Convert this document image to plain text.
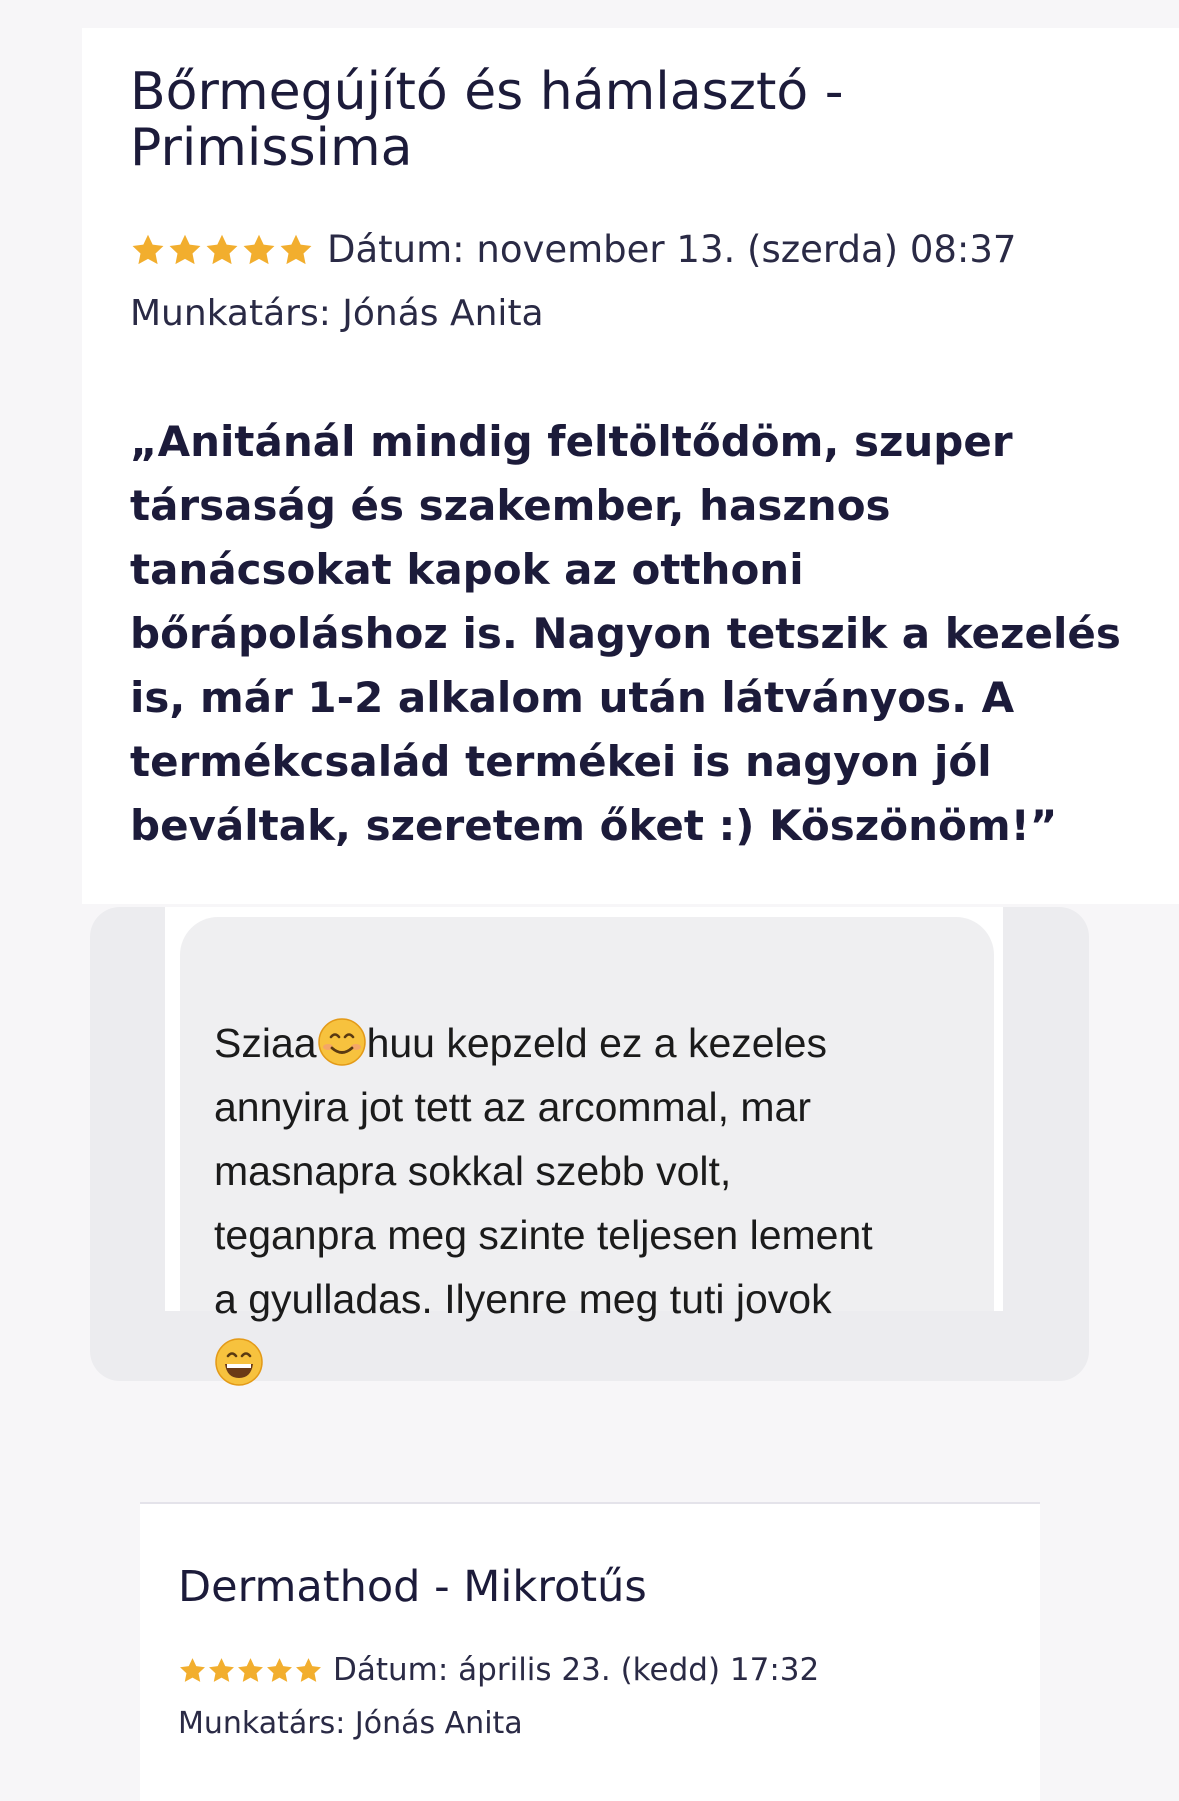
Bőrmegújító és hámlasztó - Primissima
Dátum: november 13. (szerda) 08:37
Munkatárs: Jónás Anita

„Anitánál mindig feltöltődöm, szuper társaság és szakember, hasznos tanácsokat kapok az otthoni bőrápoláshoz is. Nagyon tetszik a kezelés is, már 1-2 alkalom után látványos. A termékcsalád termékei is nagyon jól beváltak, szeretem őket :) Köszönöm!”

Sziaa huu kepzeld ez a kezeles
annyira jot tett az arcommal, mar
masnapra sokkal szebb volt,
teganpra meg szinte teljesen lement
a gyulladas. Ilyenre meg tuti jovok

Dermathod - Mikrotűs
Dátum: április 23. (kedd) 17:32
Munkatárs: Jónás Anita
